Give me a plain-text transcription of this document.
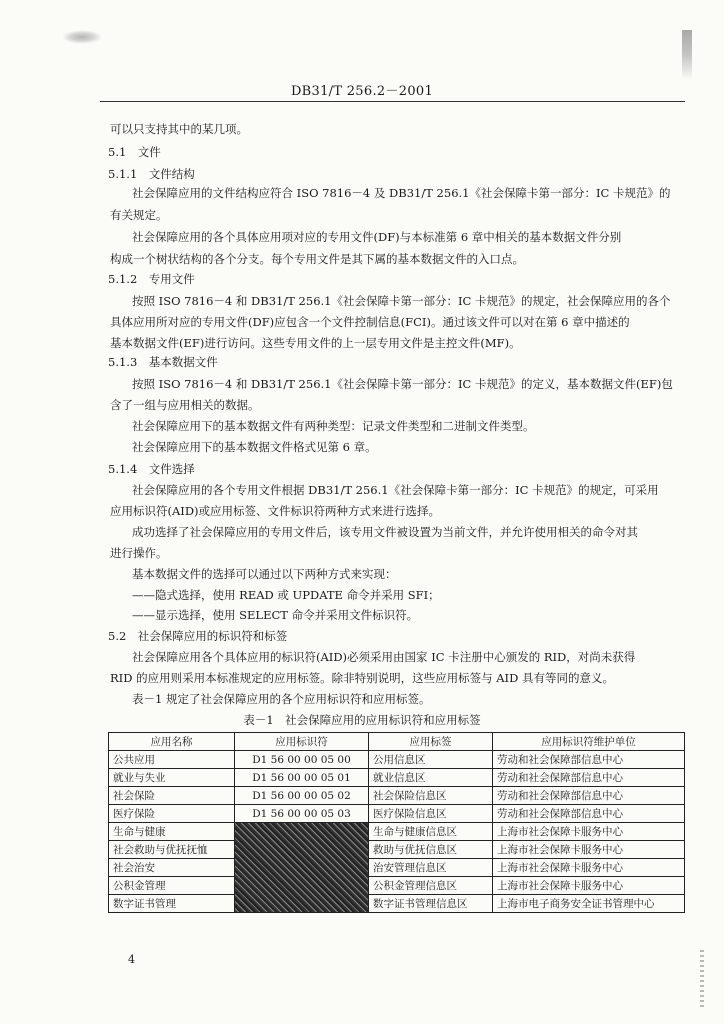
DB31/T 256.2－2001
可以只支持其中的某几项。
5.1　文件
5.1.1　文件结构
社会保障应用的文件结构应符合 ISO 7816－4 及 DB31/T 256.1《社会保障卡第一部分：IC 卡规范》的
有关规定。
社会保障应用的各个具体应用项对应的专用文件(DF)与本标准第 6 章中相关的基本数据文件分别
构成一个树状结构的各个分支。每个专用文件是其下属的基本数据文件的入口点。
5.1.2　专用文件
按照 ISO 7816－4 和 DB31/T 256.1《社会保障卡第一部分：IC 卡规范》的规定，社会保障应用的各个
具体应用所对应的专用文件(DF)应包含一个文件控制信息(FCI)。通过该文件可以对在第 6 章中描述的
基本数据文件(EF)进行访问。这些专用文件的上一层专用文件是主控文件(MF)。
5.1.3　基本数据文件
按照 ISO 7816－4 和 DB31/T 256.1《社会保障卡第一部分：IC 卡规范》的定义，基本数据文件(EF)包
含了一组与应用相关的数据。
社会保障应用下的基本数据文件有两种类型：记录文件类型和二进制文件类型。
社会保障应用下的基本数据文件格式见第 6 章。
5.1.4　文件选择
社会保障应用的各个专用文件根据 DB31/T 256.1《社会保障卡第一部分：IC 卡规范》的规定，可采用
应用标识符(AID)或应用标签、文件标识符两种方式来进行选择。
成功选择了社会保障应用的专用文件后，该专用文件被设置为当前文件，并允许使用相关的命令对其
进行操作。
基本数据文件的选择可以通过以下两种方式来实现：
——隐式选择，使用 READ 或 UPDATE 命令并采用 SFI；
——显示选择，使用 SELECT 命令并采用文件标识符。
5.2　社会保障应用的标识符和标签
社会保障应用各个具体应用的标识符(AID)必须采用由国家 IC 卡注册中心颁发的 RID，对尚未获得
RID 的应用则采用本标准规定的应用标签。除非特别说明，这些应用标签与 AID 具有等同的意义。
表－1 规定了社会保障应用的各个应用标识符和应用标签。
表－1　社会保障应用的应用标识符和应用标签
应用名称	应用标识符	应用标签	应用标识符维护单位
公共应用	D1 56 00 00 05 00	公用信息区	劳动和社会保障部信息中心
就业与失业	D1 56 00 00 05 01	就业信息区	劳动和社会保障部信息中心
社会保险	D1 56 00 00 05 02	社会保险信息区	劳动和社会保障部信息中心
医疗保险	D1 56 00 00 05 03	医疗保险信息区	劳动和社会保障部信息中心
生命与健康		生命与健康信息区	上海市社会保障卡服务中心
社会救助与优抚抚恤		救助与优抚信息区	上海市社会保障卡服务中心
社会治安		治安管理信息区	上海市社会保障卡服务中心
公积金管理		公积金管理信息区	上海市社会保障卡服务中心
数字证书管理		数字证书管理信息区	上海市电子商务安全证书管理中心
4
